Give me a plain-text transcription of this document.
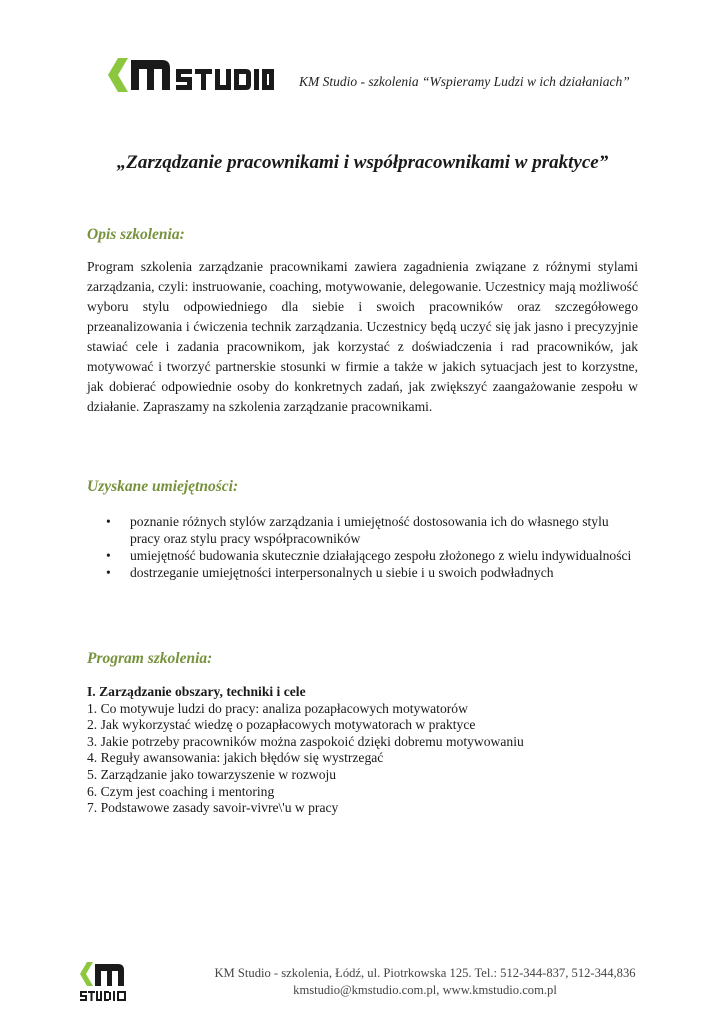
KM Studio - szkolenia “Wspieramy Ludzi w ich działaniach”
„Zarządzanie pracownikami i współpracownikami w praktyce”
Opis szkolenia:
Program szkolenia zarządzanie pracownikami zawiera zagadnienia związane z różnymi stylami zarządzania, czyli: instruowanie, coaching, motywowanie, delegowanie. Uczestnicy mają możliwość wyboru stylu odpowiedniego dla siebie i swoich pracowników oraz szczegółowego przeanalizowania i ćwiczenia technik zarządzania. Uczestnicy będą uczyć się jak jasno i precyzyjnie stawiać cele i zadania pracownikom, jak korzystać z doświadczenia i rad pracowników, jak motywować i tworzyć partnerskie stosunki w firmie a także w jakich sytuacjach jest to korzystne, jak dobierać odpowiednie osoby do konkretnych zadań, jak zwiększyć zaangażowanie zespołu w działanie. Zapraszamy na szkolenia zarządzanie pracownikami.
Uzyskane umiejętności:
• poznanie różnych stylów zarządzania i umiejętność dostosowania ich do własnego stylu pracy oraz stylu pracy współpracowników
• umiejętność budowania skutecznie działającego zespołu złożonego z wielu indywidualności
• dostrzeganie umiejętności interpersonalnych u siebie i u swoich podwładnych
Program szkolenia:
I. Zarządzanie obszary, techniki i cele
1. Co motywuje ludzi do pracy: analiza pozapłacowych motywatorów
2. Jak wykorzystać wiedzę o pozapłacowych motywatorach w praktyce
3. Jakie potrzeby pracowników można zaspokoić dzięki dobremu motywowaniu
4. Reguły awansowania: jakich błędów się wystrzegać
5. Zarządzanie jako towarzyszenie w rozwoju
6. Czym jest coaching i mentoring
7. Podstawowe zasady savoir-vivre\'u w pracy
KM Studio - szkolenia, Łódź, ul. Piotrkowska 125. Tel.: 512-344-837, 512-344,836
kmstudio@kmstudio.com.pl, www.kmstudio.com.pl
